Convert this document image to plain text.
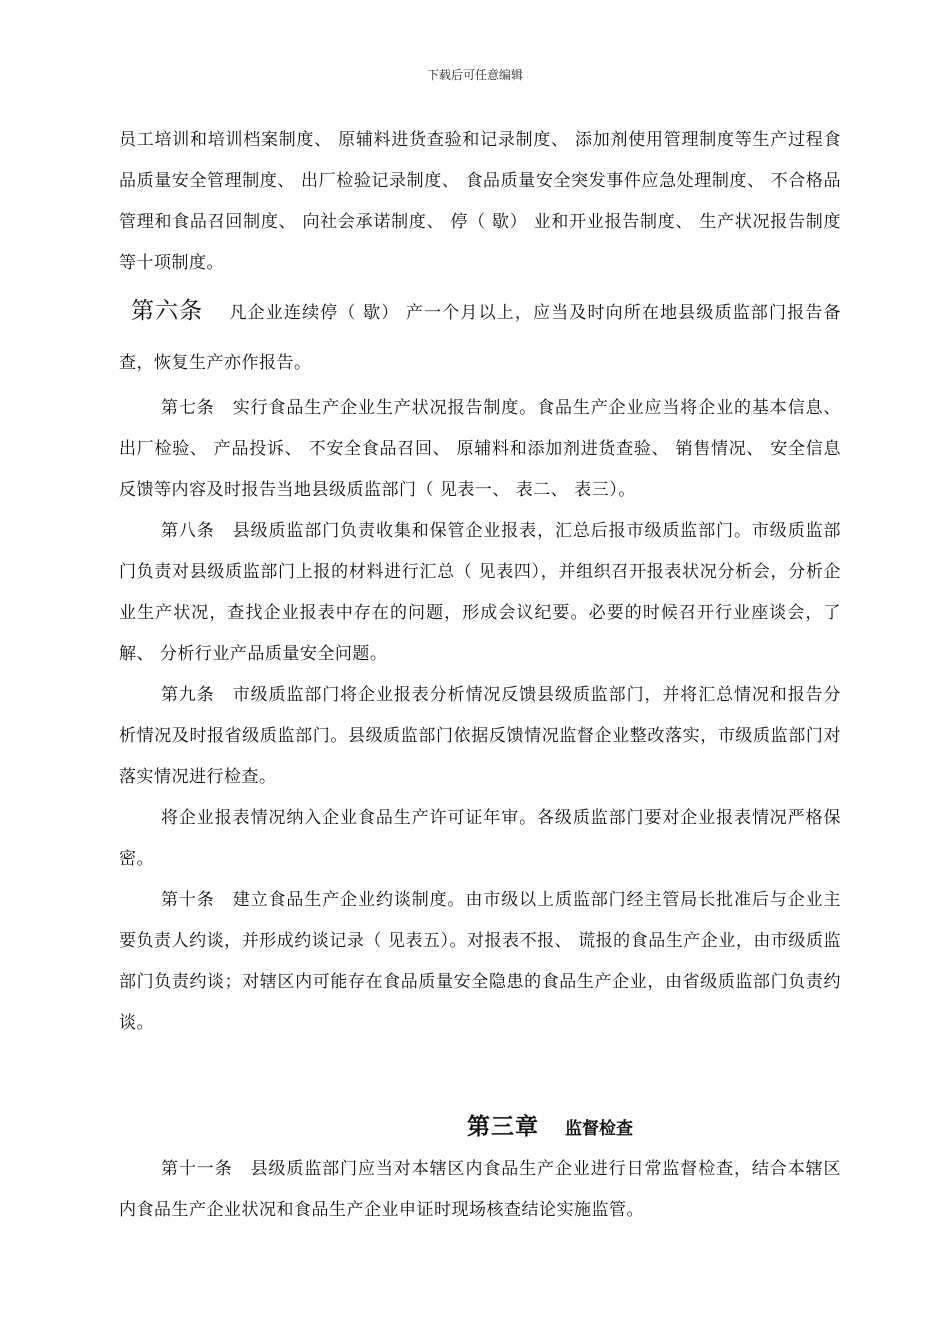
下载后可任意编辑

员工培训和培训档案制度、 原辅料进货查验和记录制度、 添加剂使用管理制度等生产过程食品质量安全管理制度、 出厂检验记录制度、 食品质量安全突发事件应急处理制度、 不合格品管理和食品召回制度、 向社会承诺制度、 停（ 歇） 业和开业报告制度、 生产状况报告制度等十项制度。

第六条 凡企业连续停（ 歇） 产一个月以上，应当及时向所在地县级质监部门报告备查，恢复生产亦作报告。

第七条 实行食品生产企业生产状况报告制度。食品生产企业应当将企业的基本信息、 出厂检验、 产品投诉、 不安全食品召回、 原辅料和添加剂进货查验、 销售情况、 安全信息反馈等内容及时报告当地县级质监部门（ 见表一、 表二、 表三）。

第八条 县级质监部门负责收集和保管企业报表，汇总后报市级质监部门。市级质监部门负责对县级质监部门上报的材料进行汇总（ 见表四），并组织召开报表状况分析会，分析企业生产状况，查找企业报表中存在的问题，形成会议纪要。必要的时候召开行业座谈会，了解、 分析行业产品质量安全问题。

第九条 市级质监部门将企业报表分析情况反馈县级质监部门，并将汇总情况和报告分析情况及时报省级质监部门。县级质监部门依据反馈情况监督企业整改落实，市级质监部门对落实情况进行检查。

将企业报表情况纳入企业食品生产许可证年审。各级质监部门要对企业报表情况严格保密。

第十条 建立食品生产企业约谈制度。由市级以上质监部门经主管局长批准后与企业主要负责人约谈，并形成约谈记录（ 见表五）。对报表不报、 谎报的食品生产企业，由市级质监部门负责约谈；对辖区内可能存在食品质量安全隐患的食品生产企业，由省级质监部门负责约谈。

第三章 监督检查

第十一条 县级质监部门应当对本辖区内食品生产企业进行日常监督检查，结合本辖区内食品生产企业状况和食品生产企业申证时现场核查结论实施监管。
